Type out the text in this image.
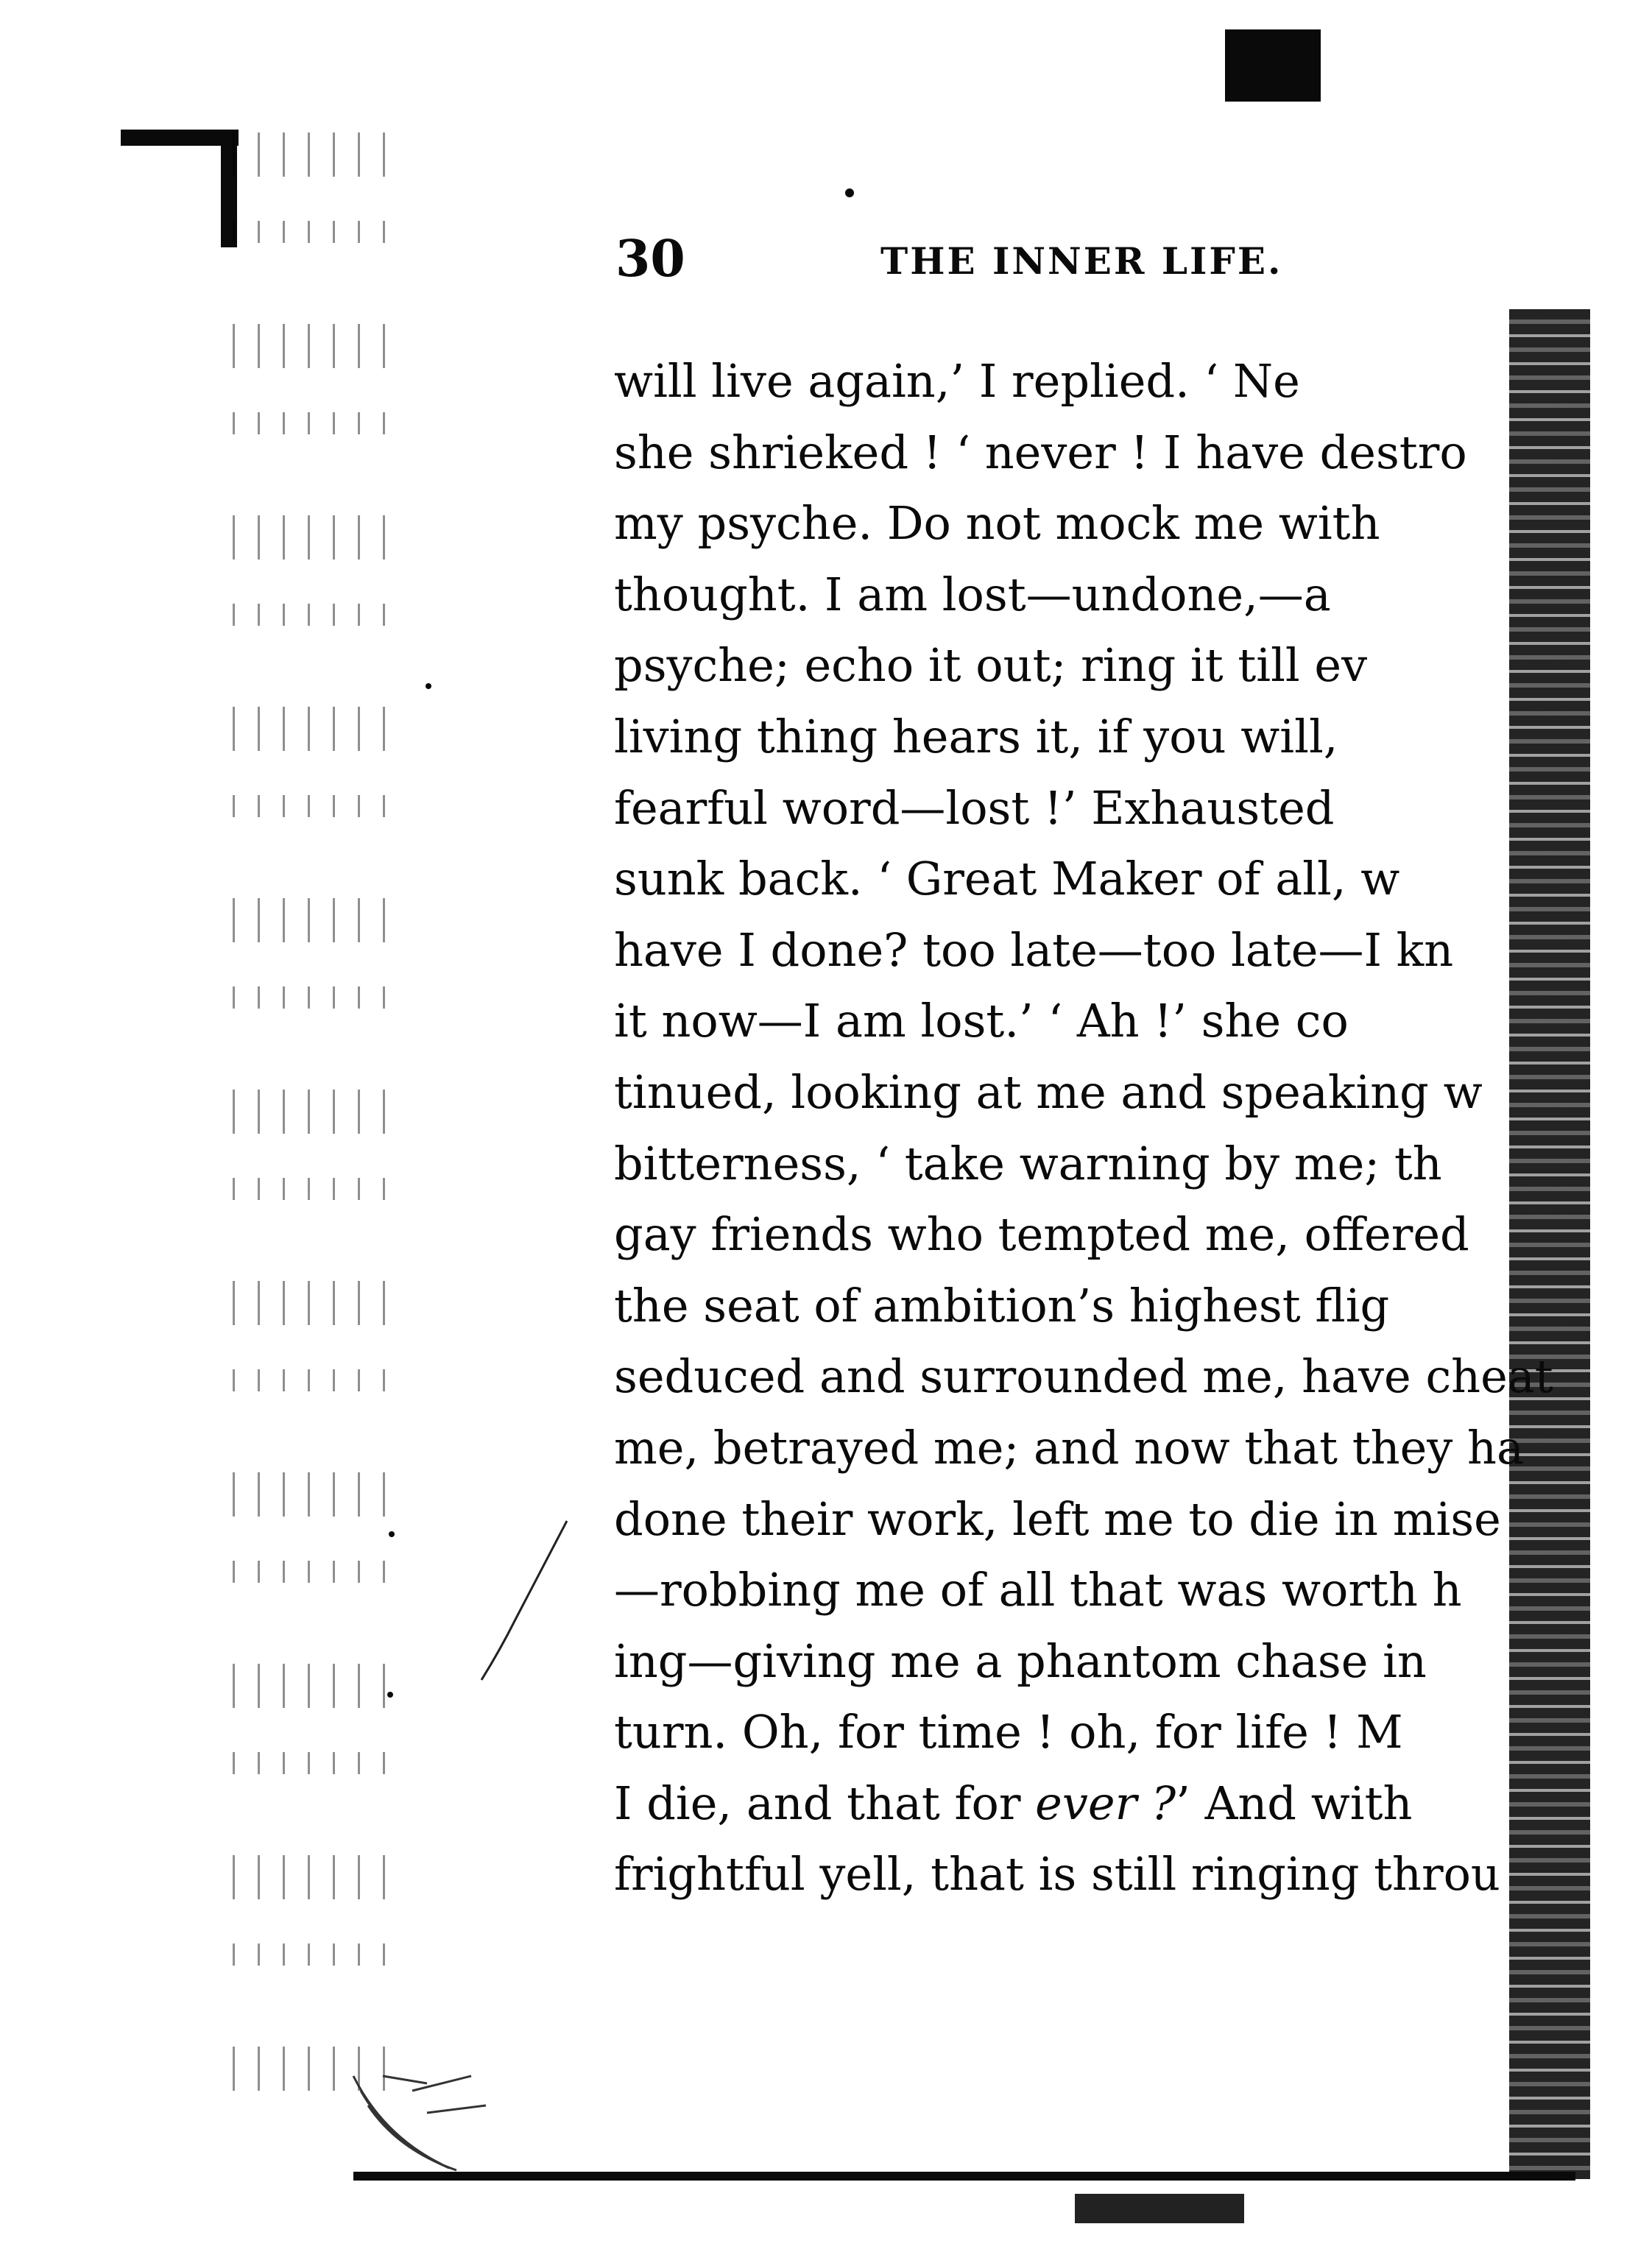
30	THE INNER LIFE.
will live again,’ I replied. ‘ Ne
she shrieked ! ‘ never ! I have destro
my psyche. Do not mock me with
thought. I am lost—undone,—a
psyche; echo it out; ring it till ev
living thing hears it, if you will,
fearful word—lost !’ Exhausted
sunk back. ‘ Great Maker of all, w
have I done? too late—too late—I kn
it now—I am lost.’ ‘ Ah !’ she co
tinued, looking at me and speaking w
bitterness, ‘ take warning by me; th
gay friends who tempted me, offered
the seat of ambition’s highest flig
seduced and surrounded me, have cheat
me, betrayed me; and now that they ha
done their work, left me to die in mise
—robbing me of all that was worth h
ing—giving me a phantom chase in
turn. Oh, for time ! oh, for life ! M
I die, and that for ever ?’ And with
frightful yell, that is still ringing throu
